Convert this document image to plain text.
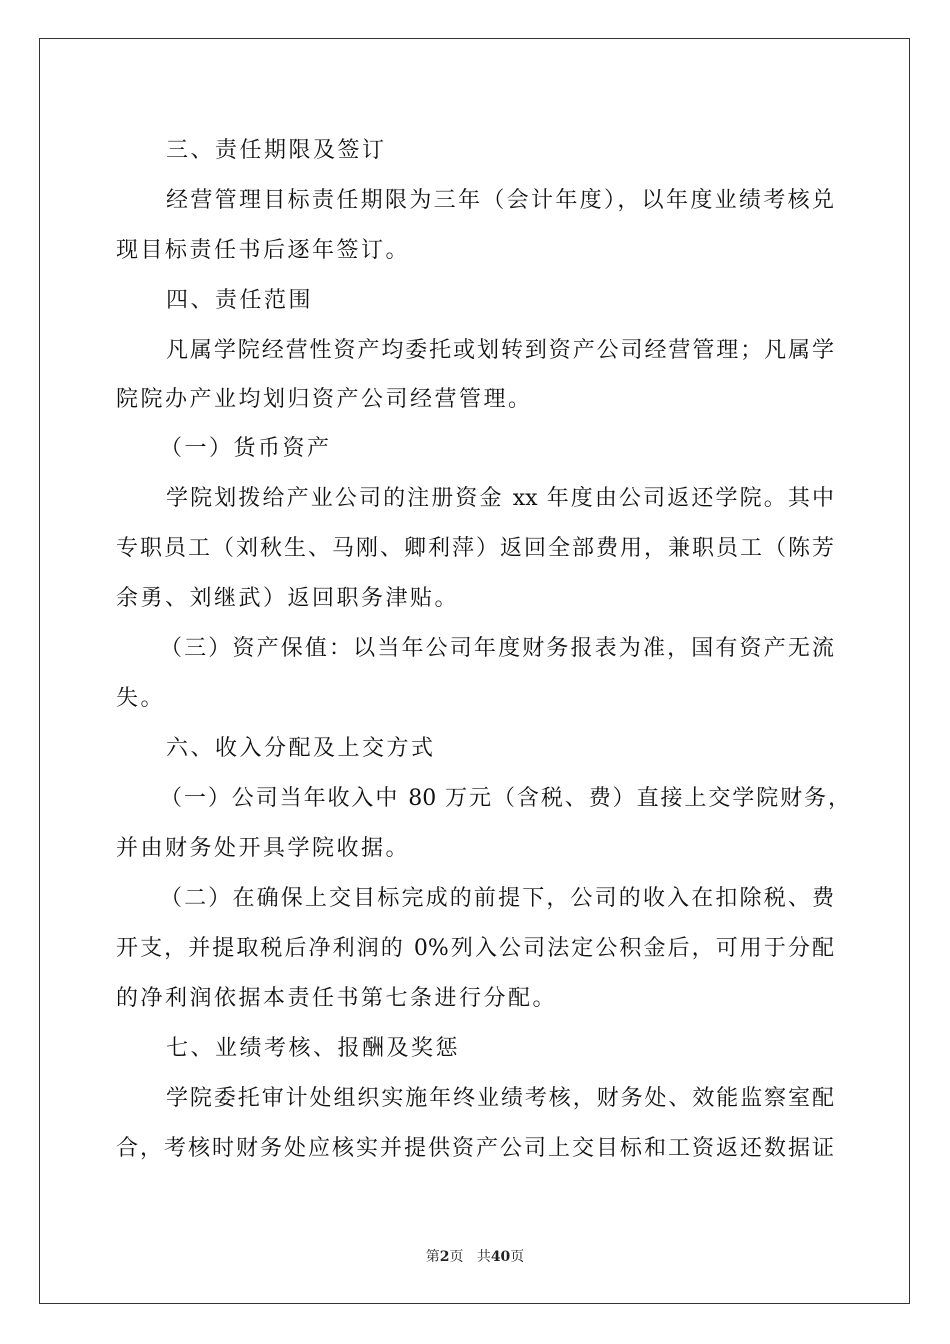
三、责任期限及签订
经营管理目标责任期限为三年（会计年度），以年度业绩考核兑
现目标责任书后逐年签订。
四、责任范围
凡属学院经营性资产均委托或划转到资产公司经营管理；凡属学
院院办产业均划归资产公司经营管理。
（一）货币资产
学院划拨给产业公司的注册资金 xx 年度由公司返还学院。其中
专职员工（刘秋生、马刚、卿利萍）返回全部费用，兼职员工（陈芳
余勇、刘继武）返回职务津贴。
（三）资产保值：以当年公司年度财务报表为准，国有资产无流
失。
六、收入分配及上交方式
（一）公司当年收入中 80 万元（含税、费）直接上交学院财务，
并由财务处开具学院收据。
（二）在确保上交目标完成的前提下，公司的收入在扣除税、费
开支，并提取税后净利润的 0%列入公司法定公积金后，可用于分配
的净利润依据本责任书第七条进行分配。
七、业绩考核、报酬及奖惩
学院委托审计处组织实施年终业绩考核，财务处、效能监察室配
合，考核时财务处应核实并提供资产公司上交目标和工资返还数据证
第2页 共40页
